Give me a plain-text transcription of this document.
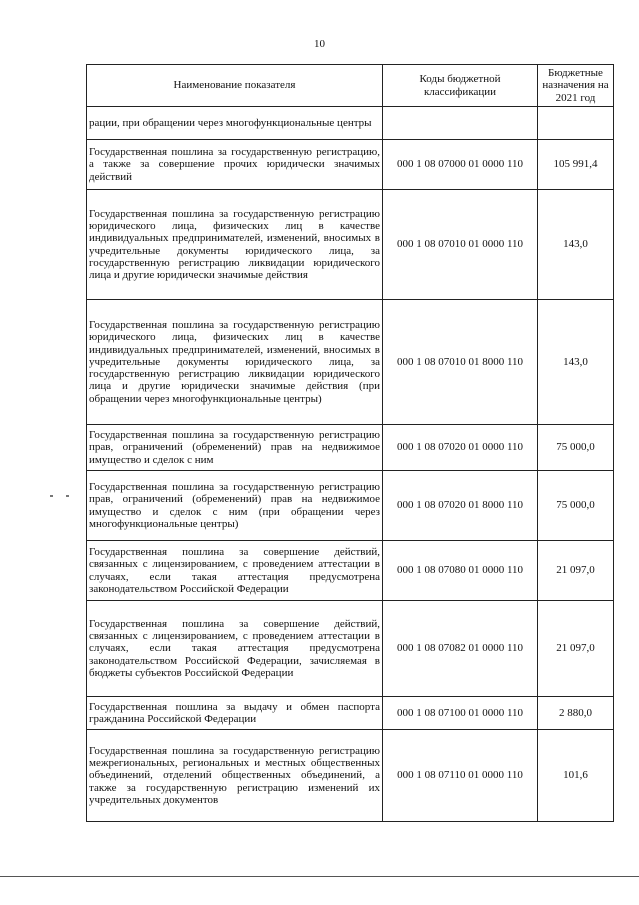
10
Наименование показателя	Коды бюджетной классификации	Бюджетные назначения на 2021 год
рации, при обращении через многофункциональные центры		
Государственная пошлина за государственную регистрацию, а также за совершение прочих юридически значимых действий	000 1 08 07000 01 0000 110	105 991,4
Государственная пошлина за государственную регистрацию юридического лица, физических лиц в качестве индивидуальных предпринимателей, изменений, вносимых в учредительные документы юридического лица, за государственную регистрацию ликвидации юридического лица и другие юридически значимые действия	000 1 08 07010 01 0000 110	143,0
Государственная пошлина за государственную регистрацию юридического лица, физических лиц в качестве индивидуальных предпринимателей, изменений, вносимых в учредительные документы юридического лица, за государственную регистрацию ликвидации юридического лица и другие юридически значимые действия (при обращении через многофункциональные центры)	000 1 08 07010 01 8000 110	143,0
Государственная пошлина за государственную регистрацию прав, ограничений (обременений) прав на недвижимое имущество и сделок с ним	000 1 08 07020 01 0000 110	75 000,0
Государственная пошлина за государственную регистрацию прав, ограничений (обременений) прав на недвижимое имущество и сделок с ним (при обращении через многофункциональные центры)	000 1 08 07020 01 8000 110	75 000,0
Государственная пошлина за совершение действий, связанных с лицензированием, с проведением аттестации в случаях, если такая аттестация предусмотрена законодательством Российской Федерации	000 1 08 07080 01 0000 110	21 097,0
Государственная пошлина за совершение действий, связанных с лицензированием, с проведением аттестации в случаях, если такая аттестация предусмотрена законодательством Российской Федерации, зачисляемая в бюджеты субъектов Российской Федерации	000 1 08 07082 01 0000 110	21 097,0
Государственная пошлина за выдачу и обмен паспорта гражданина Российской Федерации	000 1 08 07100 01 0000 110	2 880,0
Государственная пошлина за государственную регистрацию межрегиональных, региональных и местных общественных объединений, отделений общественных объединений, а также за государственную регистрацию изменений их учредительных документов	000 1 08 07110 01 0000 110	101,6
